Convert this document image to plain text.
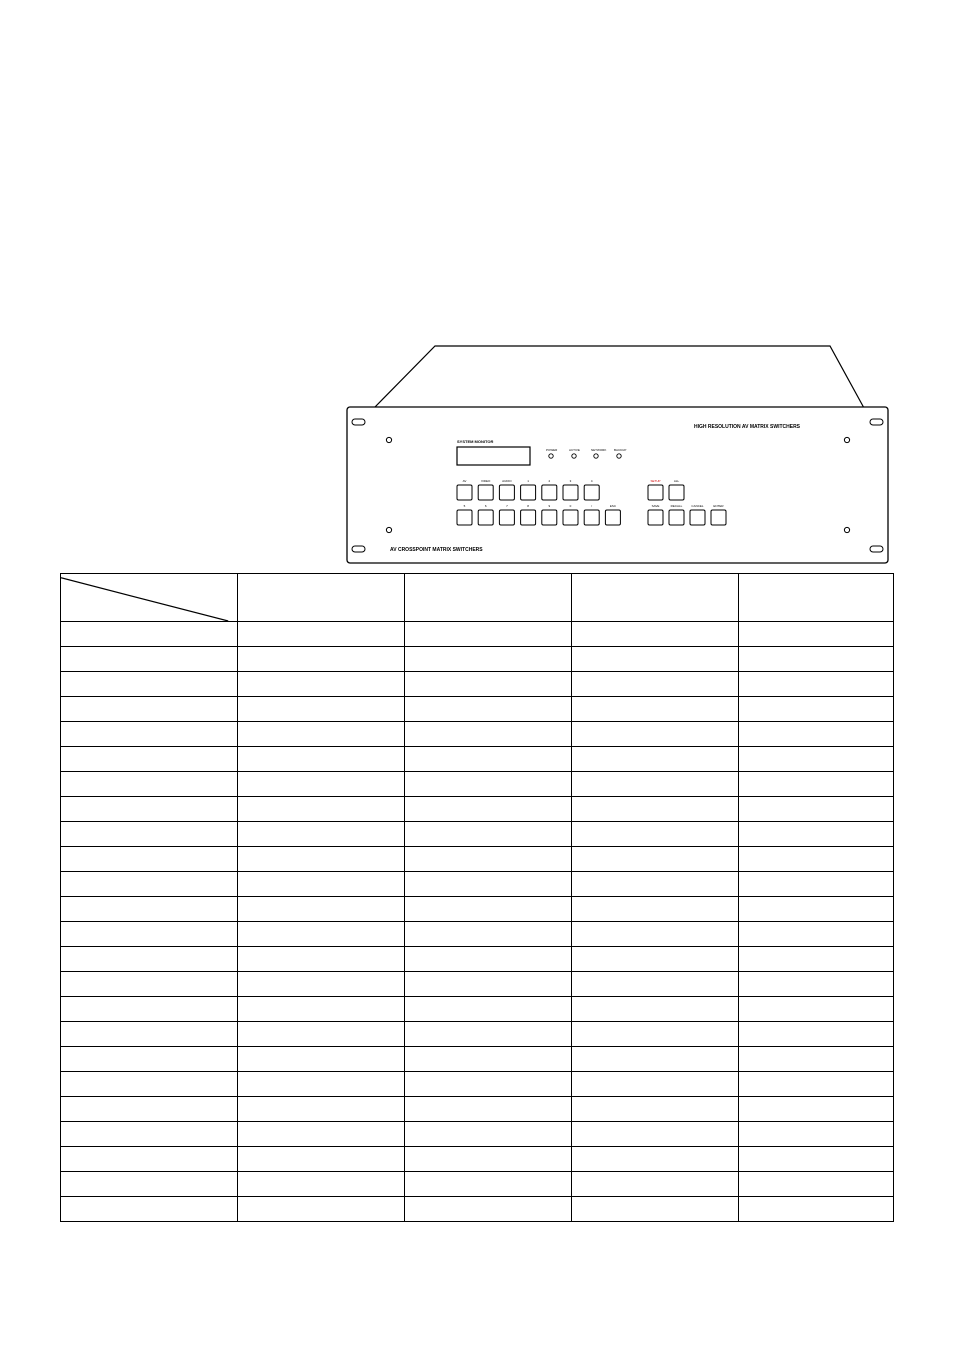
HIGH RESOLUTION AV MATRIX SWITCHERS
AV CROSSPOINT MATRIX SWITCHERS
SYSTEM MONITOR
POWER	ACTIVE	NETWORK	BACKUP
AV	VIDEO	AUDIO	1	2	3	4
5	6	7	8	9	0	/	ESC
SETUP	ALL
SAVE	RECALL	CANCEL	ENTER
